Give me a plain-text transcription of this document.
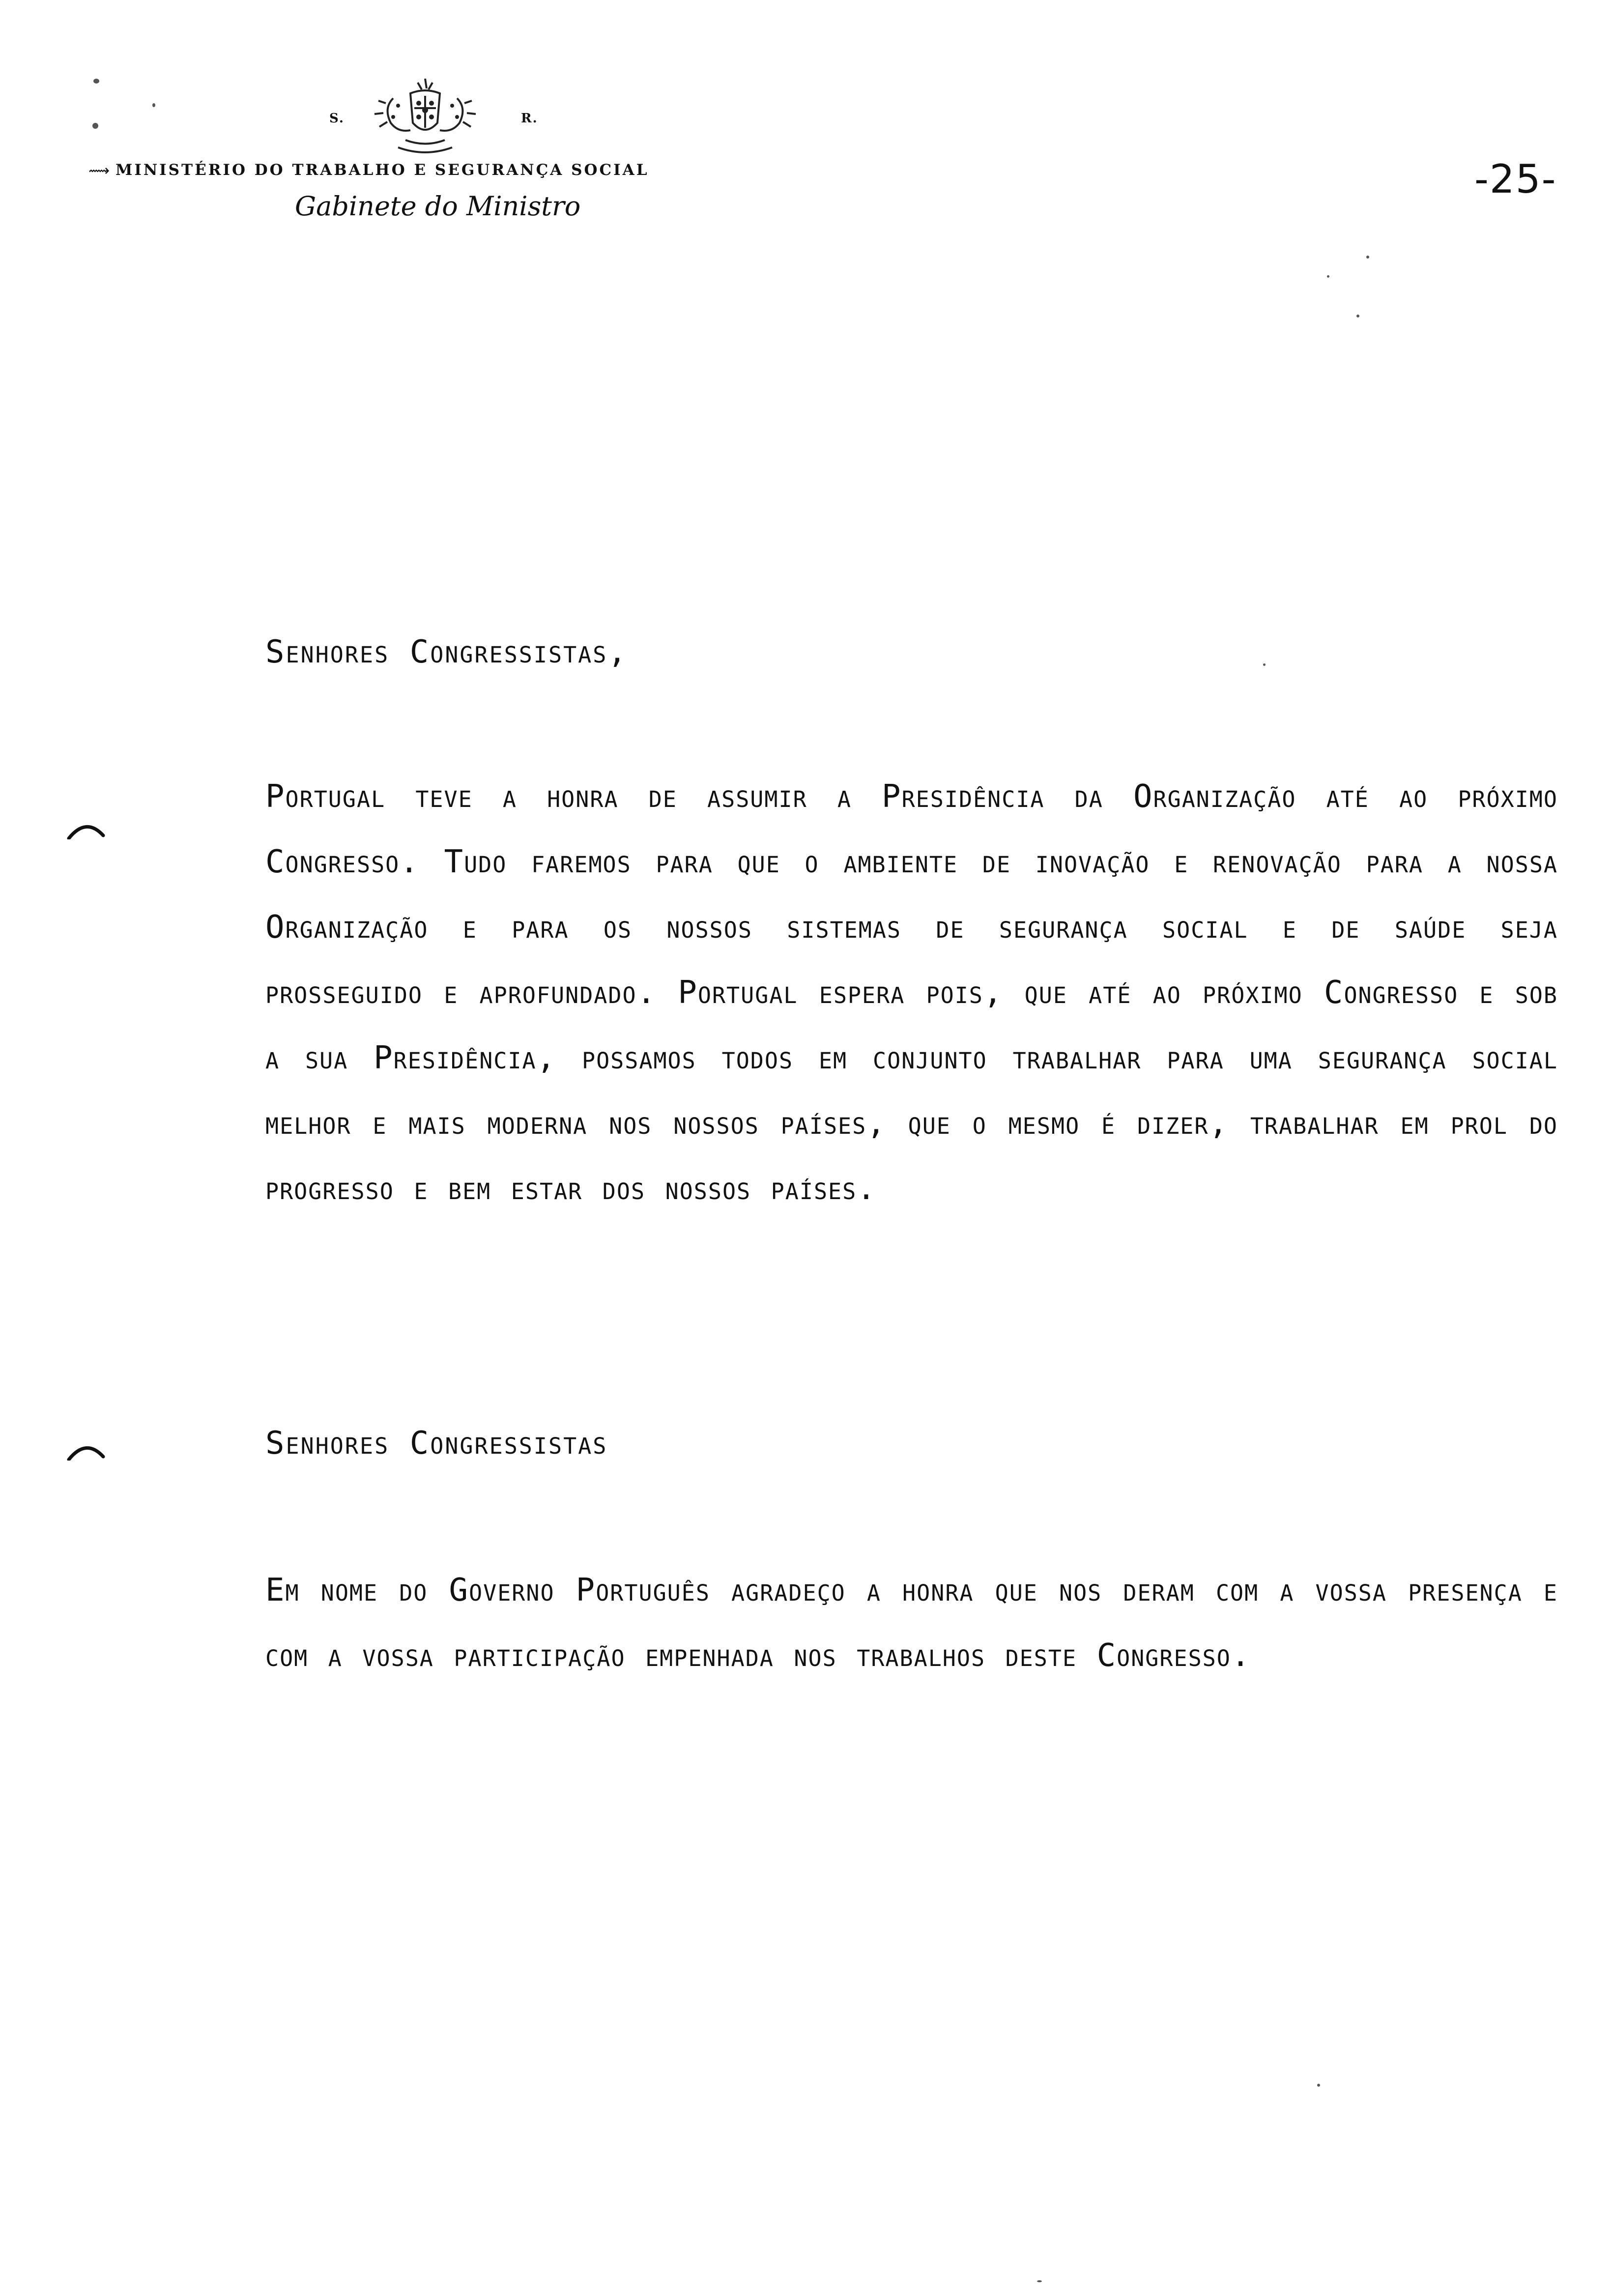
S.	R.
⟿ MINISTÉRIO DO TRABALHO E SEGURANÇA SOCIAL
Gabinete do Ministro
-25-
Senhores Congressistas,
Portugal teve a honra de assumir a Presidência da Organização até ao próximo Congresso. Tudo faremos para que o ambiente de inovação e renovação para a nossa Organização e para os nossos sistemas de segurança social e de saúde seja prosseguido e aprofundado. Portugal espera pois, que até ao próximo Congresso e sob a sua Presidência, possamos todos em conjunto trabalhar para uma segurança social melhor e mais moderna nos nossos países, que o mesmo é dizer, trabalhar em prol do progresso e bem estar dos nossos países.
Senhores Congressistas
Em nome do Governo Português agradeço a honra que nos deram com a vossa presença e com a vossa participação empenhada nos trabalhos deste Congresso.
